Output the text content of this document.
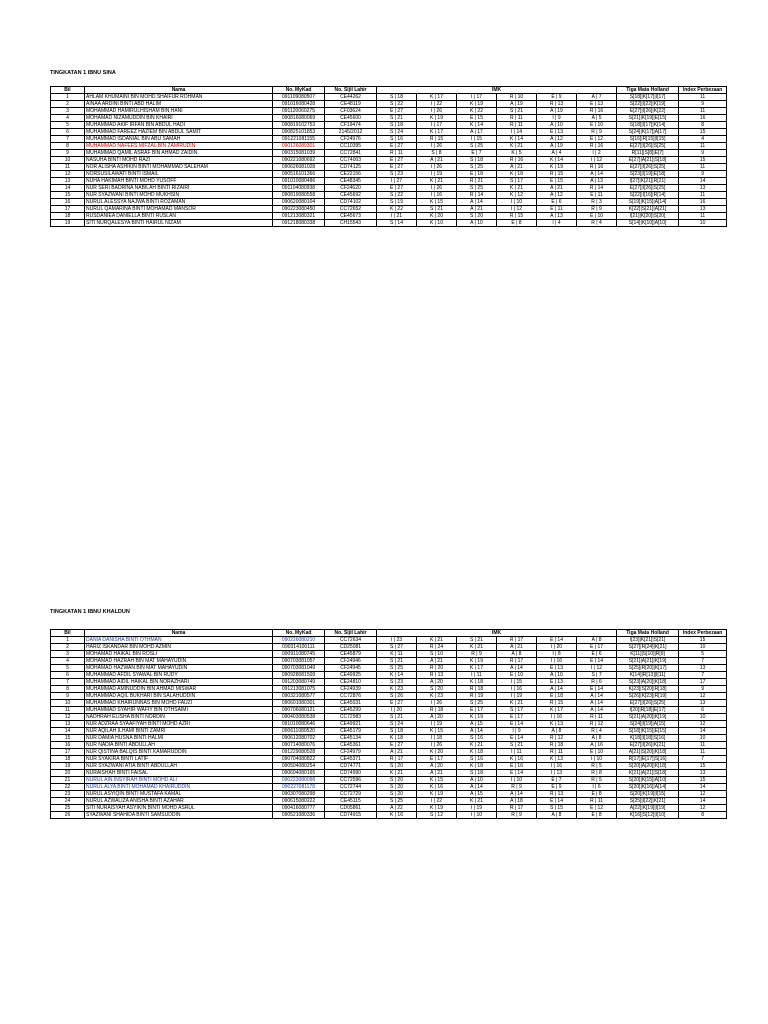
TINGKATAN 1 IBNU SINA
Bil	Nama	No. MyKad	No. Sijil Lahir	IMK						Tiga Mata Holland	Index Perbezaan
1	AHLAM KHUMAINI BIN MOHD SHAIFUR ROHMAN	091109080507	CE44262	S | 18	K | 17	I | 17	R | 10	E | 9	A | 7	S[18]|K[17]|I[17]	11
2	AINAA ARDINI BINTI ABD HALIM	091016080428	CE48119	S | 22	I | 22	K | 19	A | 19	R | 13	E | 13	S[22]|I[22]|K[19]	9
3	MOHAMMAD HAMIRULHISHAM BIN HANI	091120060275	CF03624	E | 27	I | 26	K | 22	S | 21	A | 19	R | 16	E[27]|I[26]|K[22]	11
4	MOHAMAD NIZAMUDDIN BIN KHAIRI	090816080069	CE45600	S | 21	K | 19	E | 15	R | 11	I | 9	A | 5	S[21]|K[19]|E[15]	16
5	MUHAMMAD AKIF IRFAN BIN ABDUL HADI	090819102753	CF19474	S | 18	I | 17	K | 14	R | 11	A | 10	E | 10	S[18]|I[17]|K[14]	8
6	MUHAMMAD FAREEZ HAZIEM BIN ABDUL SAMIT	090825101853	2145/2012	S | 24	K | 17	A | 17	I | 14	E | 13	R | 9	S[24]|K[17]|A[17]	15
7	MUHAMMAD ISDANIAL BIN ABU SAMAH	091221081155	CF24976	S | 16	R | 15	I | 15	K | 14	A | 12	E | 12	S[16]|R[15]|I[15]	4
8	MUHAMMAD NAFEES MIFZAL BIN ZAMIRUDIN	090126080301	CC10395	E | 27	I | 26	S | 25	K | 21	A | 19	R | 16	E[27]|I[26]|S[25]	11
9	MUHAMMAD QAMIL ASRAF BIN AHMAD ZAIDIN	090315081039	CC72841	R | 11	S | 8	E | 7	K | 5	A | 4	I | 2	R[11]|S[8]|E[7]	9
10	NASUHA BINTI MOHD RAZI	090221080692	CC74003	E | 27	A | 21	S | 18	R | 16	K | 14	I | 12	E[27]|A[21]|S[18]	15
11	NOR ALISHA ASHIKIN BINTI MOHAMMAD SALEHAM	090626081028	CD74125	E | 27	I | 26	S | 25	A | 21	K | 19	R | 16	E[27]|I[26]|S[25]	11
12	NORSUSILAWATI BINTI ISMAIL	090516101366	CE22156	S | 23	I | 19	E | 18	K | 18	R | 15	A | 14	S[23]|I[19]|E[18]	9
13	NUHA HAKIMAH BINTI MOHD YUSOFF	091010080486	CE48345	I | 27	K | 21	R | 21	S | 17	E | 15	A | 13	I[27]|K[21]|R[21]	14
14	NUR SERI BADRINA NABILAH BINTI RIZAIRI	091104080938	CF24620	E | 27	I | 26	S | 25	K | 21	A | 21	R | 14	E[27]|I[26]|S[25]	13
15	NUR SYAZWANI BINTI MOHD MUKHSIN	090819080558	CE45692	S | 22	I | 16	R | 14	K | 12	A | 12	E | 11	S[22]|I[16]|R[14]	11
16	NURUL ALESSYA NAJWA BINTI ROZAMAN	090620080104	CD74102	S | 19	K | 15	A | 14	I | 10	E | 6	R | 3	S[19]|K[15]|A[14]	16
17	NURUL QAMARINA BINTI MOHAMAD MANSOR	090223080450	CC72652	K | 22	S | 21	A | 21	I | 12	E | 11	R | 9	K[22]|S[21]|A[21]	13
18	RUSDANIEA DANIELLA BINTI RUSLAN	091213080321	CE45673	I | 21	K | 20	S | 20	R | 15	A | 13	E | 10	I[21]|K[20]|S[20]	11
19	SITI NURQALESYA BINTI HAIRUL NIZAM	091218080338	CH15543	S | 14	K | 10	A | 10	E | 8	I | 4	R | 4	S[14]|K[10]|A[10]	10
TINGKATAN 1 IBNU KHALDUN
Bil	Nama	No. MyKad	No. Sijil Lahir	IMK						Tiga Mata Holland	Index Perbezaan
1	DANIA DANISHA BINTI OTHMAN	090226080210	CC72634	I | 23	K | 21	S | 21	R | 17	E | 14	A | 8	I[23]|K[21]|S[21]	15
2	HARIZ ISKANDAR BIN MOHD AZMIN	090314100111	CD25081	S | 27	R | 24	K | 21	A | 21	I | 20	E | 17	S[27]|R[24]|K[21]	10
3	MOHAMAD HAIKAL BIN ROSLI	090911080745	CE45879	K | 11	S | 10	R | 9	A | 8	I | 8	E | 6	K[11]|S[10]|R[9]	5
4	MOHAMAD HAZRAH BIN MAT MAHAYUDIN	090703081057	CF24946	S | 21	A | 21	K | 19	R | 17	I | 16	E | 14	S[21]|A[21]|K[19]	7
5	MOHAMAD HAZWAN BIN MAT MAHAYUDIN	090703081049	CF24945	S | 25	R | 20	K | 17	A | 14	E | 13	I | 12	S[25]|R[20]|K[17]	13
6	MUHAMMAD AFDIL SYAWAL BIN RUDY	090928081509	CE49925	K | 14	R | 13	I | 11	E | 10	A | 10	S | 7	K[14]|R[13]|I[11]	7
7	MUHAMMAD AIDIL HAIKAL BIN NORAZHARI	091203080749	CE24810	S | 23	A | 20	K | 18	I | 15	E | 13	R | 6	S[23]|A[20]|K[18]	17
8	MUHAMMAD AMINUDDIN BIN AHMAD MISWAR	091213081075	CF24939	K | 23	S | 20	R | 18	I | 16	A | 14	E | 14	K[23]|S[20]|R[18]	9
9	MUHAMMAD AQIL BUKHARI BIN SALAHUDDIN	090321080577	CC72876	S | 26	K | 23	R | 19	I | 19	E | 18	A | 14	S[26]|K[23]|R[19]	12
10	MUHAMMAD KHAIRUNNAS BIN MOHD FAUZI	090601080301	CE45031	E | 27	I | 26	S | 25	K | 21	R | 15	A | 14	E[27]|I[26]|S[25]	13
11	MUHAMMAD SYAHIR WAFIY BIN OTHSAIMI	090706080121	CE45299	I | 20	R | 18	E | 17	S | 17	K | 17	A | 14	I[20]|R[18]|E[17]	6
12	NADHRAH ELISHA BINTI NORDIN	090403080538	CC72983	S | 21	A | 20	K | 19	E | 17	I | 16	R | 11	S[21]|A[20]|K[19]	10
13	NUR ADZRAA SYAAFIYAH BINTI MOHD AZRI	091010080646	CE49921	S | 24	I | 19	A | 15	E | 14	K | 13	R | 12	S[24]|I[19]|A[15]	12
14	NUR AQILAH ILHAMI BINTI ZAMRI	090611080520	CE45179	S | 18	K | 15	A | 14	I | 9	A | 8	R | 4	S[18]|K[15]|E[15]	14
15	NUR DAMIA HUSNA BINTI HALMI	090612080702	CE45134	K | 18	I | 18	S | 16	E | 14	R | 12	A | 8	K[18]|I[18]|S[16]	10
16	NUR NADIA BINTI ABDULLAH	090714080076	CE45361	E | 27	I | 26	K | 21	S | 21	R | 18	A | 16	E[27]|I[26]|K[21]	11
17	NUR QISTINA BALQIS BINTI KAMARUDDIN	091229080528	CF24979	A | 21	K | 20	K | 18	I | 11	R | 11	E | 10	A[21]|S[20]|K[18]	11
18	NUR SYAKIRA BINTI LATIF	090704080822	CE45371	R | 17	E | 17	S | 16	K | 16	K | 13	I | 10	R[17]|E[17]|S[16]	7
19	NUR SYAZWANI ATIA BINTI ABDULLAH	090504080254	CD74771	S | 20	A | 20	K | 18	E | 16	I | 16	R | 5	S[20]|A[20]|K[18]	15
20	NURAISHAH BINTI FAISAL	090604080165	CD74990	K | 21	A | 21	S | 18	E | 14	I | 13	R | 8	K[21]|A[21]|S[18]	13
21	NURUL AIN INSYIRAH BINTI MOHD ALI	090223080098	CC72596	S | 20	K | 15	A | 10	I | 10	E | 7	R | 5	S[20]|K[15]|A[10]	15
22	NURUL ALYA BINTI MOHAMAD KHAIRUDDIN	090227081178	CC72744	S | 20	K | 16	A | 14	R | 9	E | 9	I | 6	S[20]|K[16]|A[14]	14
23	NURUL ASYIQIN BINTI MUSTAFA KAMAL	090307080298	CC72729	S | 20	K | 19	A | 15	A | 14	R | 13	E | 8	S[20]|K[19]|I[15]	12
24	NURUL AZWALIZA ANISHA BINTI AZAHAR	090615080222	CE45115	S | 25	I | 22	K | 21	A | 18	E | 14	R | 11	S[25]|I[22]|K[21]	14
25	SITI NURAISYAH ASYIKIN BINTI MOHD ASRUL	090416080777	CD05861	A | 22	K | 19	I | 19	R | 17	S | 15	E | 12	A[22]|K[19]|I[19]	12
26	SYAZWANI SHAHIDA BINTI SAMSUDDIN	090521080336	CD74915	K | 16	S | 12	I | 10	R | 9	A | 8	E | 8	K[16]|S[12]|I[10]	8
